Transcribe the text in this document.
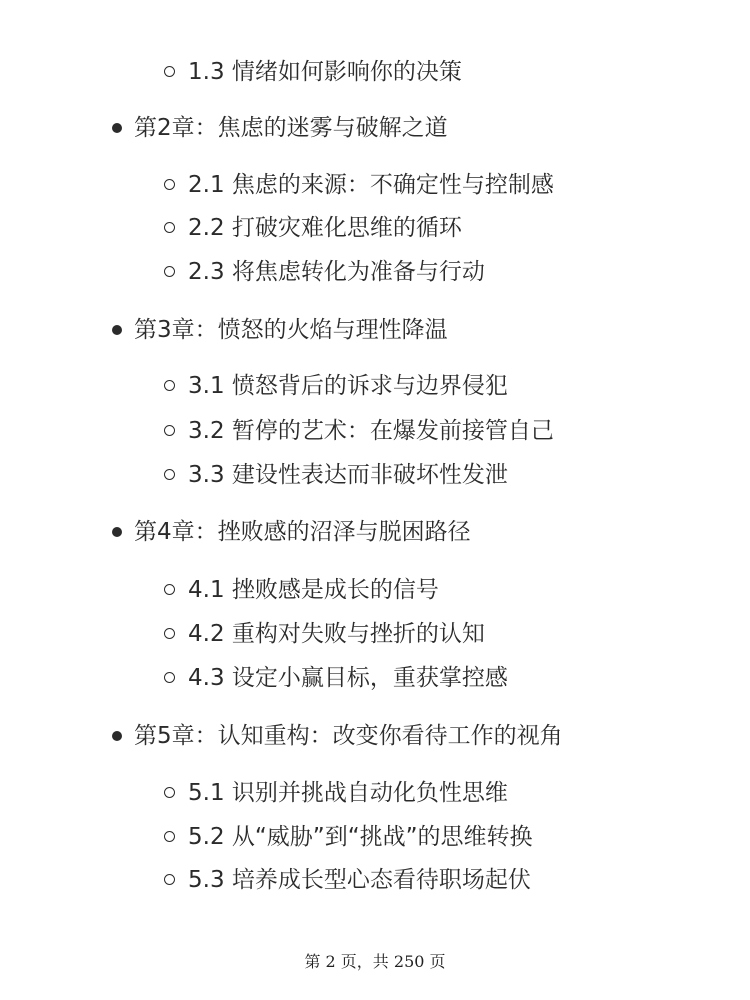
1.3 情绪如何影响你的决策
第2章：焦虑的迷雾与破解之道
2.1 焦虑的来源：不确定性与控制感
2.2 打破灾难化思维的循环
2.3 将焦虑转化为准备与行动
第3章：愤怒的火焰与理性降温
3.1 愤怒背后的诉求与边界侵犯
3.2 暂停的艺术：在爆发前接管自己
3.3 建设性表达而非破坏性发泄
第4章：挫败感的沼泽与脱困路径
4.1 挫败感是成长的信号
4.2 重构对失败与挫折的认知
4.3 设定小赢目标，重获掌控感
第5章：认知重构：改变你看待工作的视角
5.1 识别并挑战自动化负性思维
5.2 从“威胁”到“挑战”的思维转换
5.3 培养成长型心态看待职场起伏
第 2 页，共 250 页
